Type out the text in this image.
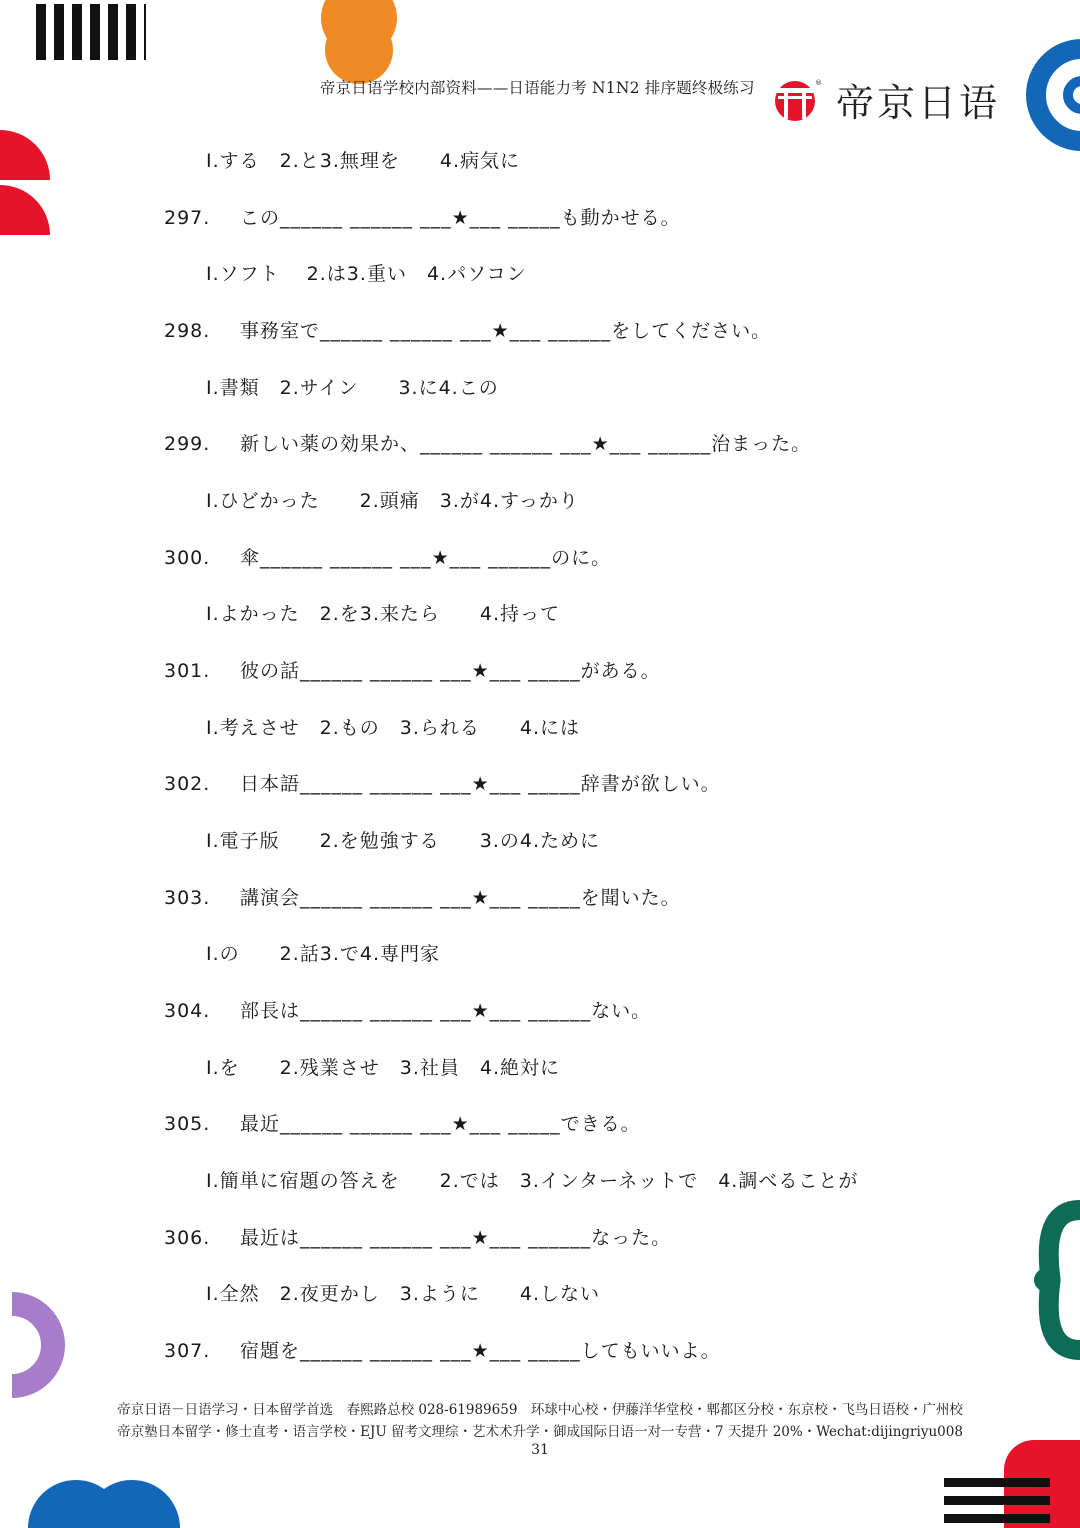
帝京日语学校内部资料——日语能力考 N1N2 排序题终极练习	® 帝京日语
Ⅰ.する　2.と3.無理を　　4.病気に
297. この______ ______ ___★___ _____も動かせる。
Ⅰ.ソフト　 2.は3.重い　4.パソコン
298. 事務室で______ ______ ___★___ ______をしてください。
Ⅰ.書類　2.サイン　　3.に4.この
299. 新しい薬の効果か、______ ______ ___★___ ______治まった。
Ⅰ.ひどかった　　2.頭痛　3.が4.すっかり
300. 傘______ ______ ___★___ ______のに。
Ⅰ.よかった　2.を3.来たら　　4.持って
301. 彼の話______ ______ ___★___ _____がある。
Ⅰ.考えさせ　2.もの　3.られる　　4.には
302. 日本語______ ______ ___★___ _____辞書が欲しい。
Ⅰ.電子版　　2.を勉強する　　3.の4.ために
303. 講演会______ ______ ___★___ _____を聞いた。
Ⅰ.の　　2.話3.で4.専門家
304. 部長は______ ______ ___★___ ______ない。
Ⅰ.を　　2.残業させ　3.社員　4.絶対に
305. 最近______ ______ ___★___ _____できる。
Ⅰ.簡単に宿題の答えを　　2.では　3.インターネットで　4.調べることが
306. 最近は______ ______ ___★___ ______なった。
Ⅰ.全然　2.夜更かし　3.ように　　4.しない
307. 宿題を______ ______ ___★___ _____してもいいよ。
帝京日语－日语学习・日本留学首选　春熙路总校 028-61989659　环球中心校・伊藤洋华堂校・郫都区分校・东京校・飞鸟日语校・广州校
帝京塾日本留学・修士直考・语言学校・EJU 留考文理综・艺术术升学・御成国际日语一对一专营・7 天提升 20%・Wechat:dijingriyu008
31
